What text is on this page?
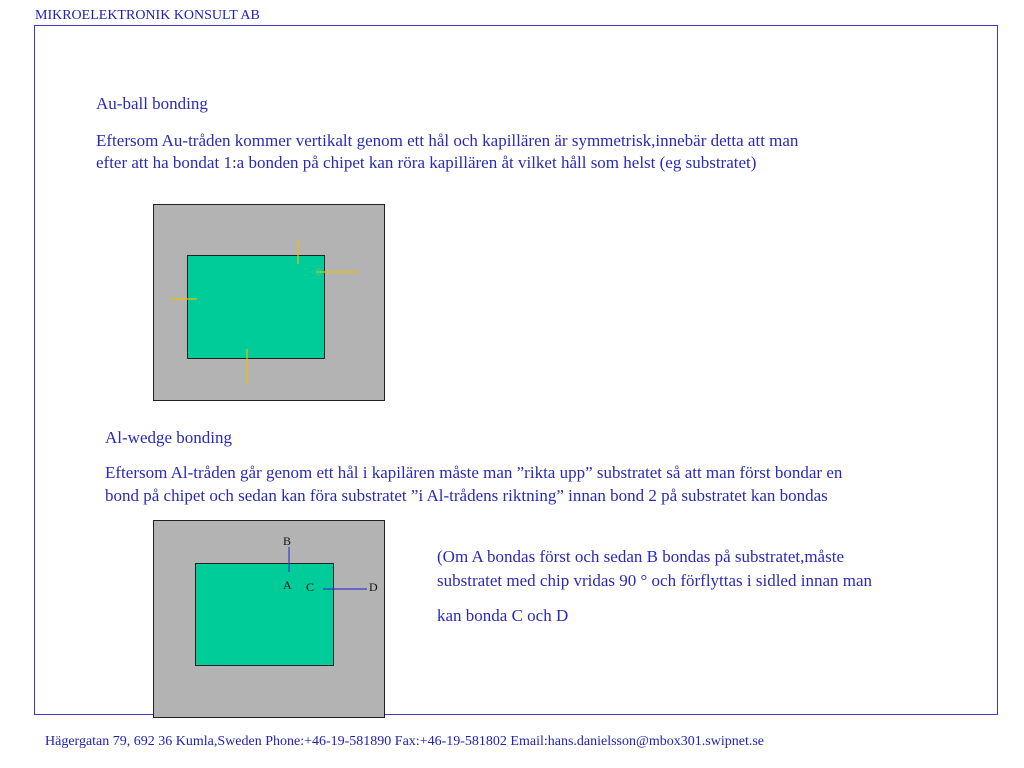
MIKROELEKTRONIK KONSULT AB
Au-ball bonding
Eftersom Au-tråden kommer vertikalt genom ett hål och kapillären är symmetrisk,innebär detta att man
efter att ha bondat 1:a bonden på chipet kan röra kapillären åt vilket håll som helst (eg substratet)
Al-wedge bonding
Eftersom Al-tråden går genom ett hål i kapilären måste man ”rikta upp” substratet så att man först bondar en
bond på chipet och sedan kan föra substratet ”i Al-trådens riktning” innan bond 2 på substratet kan bondas
B
A C	D
(Om A bondas först och sedan B bondas på substratet,måste
substratet med chip vridas 90 ° och förflyttas i sidled innan man
kan bonda C och D
Hägergatan 79, 692 36 Kumla,Sweden Phone:+46-19-581890 Fax:+46-19-581802 Email:hans.danielsson@mbox301.swipnet.se
